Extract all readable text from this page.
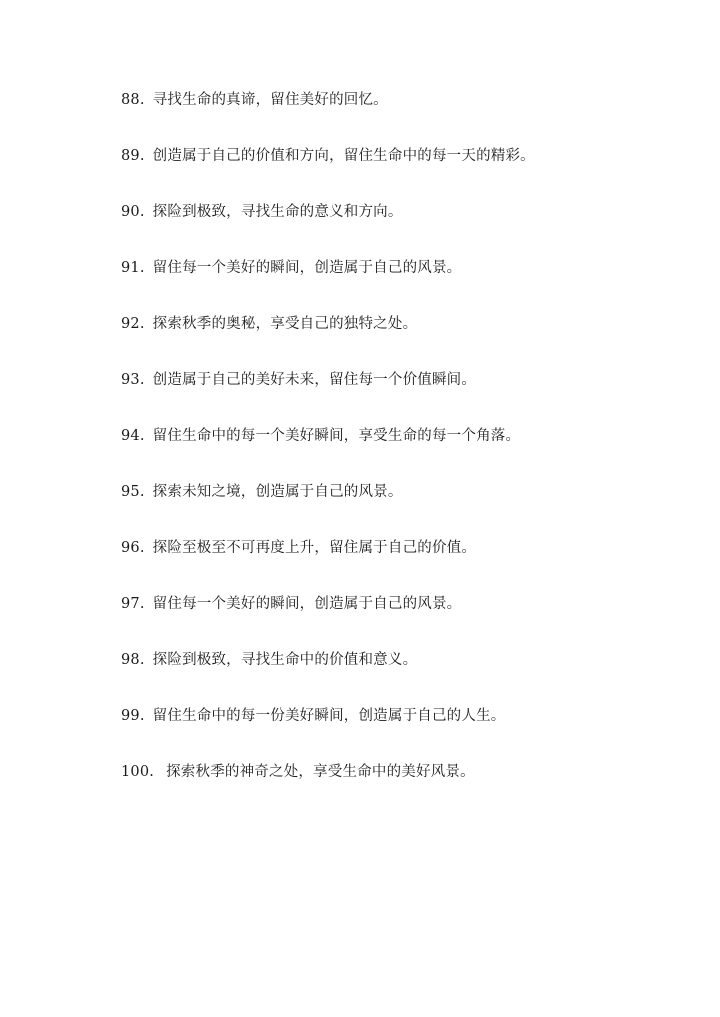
88. 寻找生命的真谛，留住美好的回忆。
89. 创造属于自己的价值和方向，留住生命中的每一天的精彩。
90. 探险到极致，寻找生命的意义和方向。
91. 留住每一个美好的瞬间，创造属于自己的风景。
92. 探索秋季的奥秘，享受自己的独特之处。
93. 创造属于自己的美好未来，留住每一个价值瞬间。
94. 留住生命中的每一个美好瞬间，享受生命的每一个角落。
95. 探索未知之境，创造属于自己的风景。
96. 探险至极至不可再度上升，留住属于自己的价值。
97. 留住每一个美好的瞬间，创造属于自己的风景。
98. 探险到极致，寻找生命中的价值和意义。
99. 留住生命中的每一份美好瞬间，创造属于自己的人生。
100. 探索秋季的神奇之处，享受生命中的美好风景。
